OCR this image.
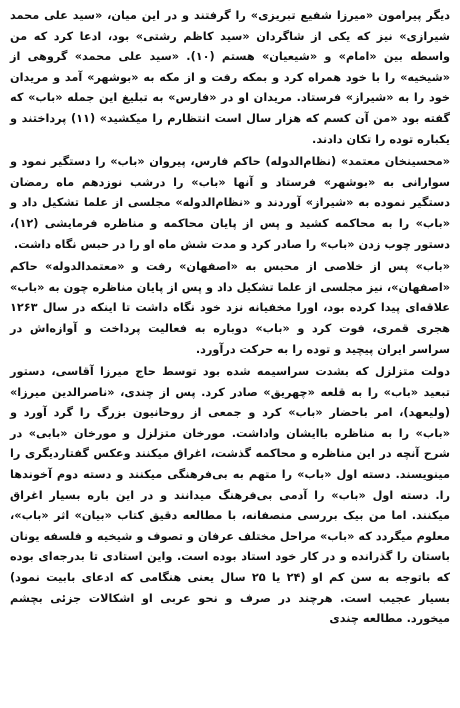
دیگر پیرامون «میرزا شفیع تبریزی» را گرفتند و در این میان، «سید علی محمد شیرازی» نیز که یکی از شاگردان «سید کاظم رشتی» بود، ادعا کرد که من واسطه بین «امام» و «شیعیان» هستم (۱۰). «سید علی محمد» گروهی از «شیخیه» را با خود همراه کرد و بمکه رفت و از مکه به «بوشهر» آمد و مریدان خود را به «شیراز» فرستاد. مریدان او در «فارس» به تبلیغ این جمله «باب» که گفته بود «من آن کسم که هزار سال است انتظارم را میکشید» (۱۱) پرداختند و یکباره توده را تکان دادند.

«محسینخان معتمد» (نظام‌الدوله) حاکم فارس، پیروان «باب» را دستگیر نمود و سوارانی به «بوشهر» فرستاد و آنها «باب» را درشب نوزدهم ماه رمضان دستگیر نموده به «شیراز» آوردند و «نظام‌الدوله» مجلسی از علما تشکیل داد و «باب» را به محاکمه کشید و پس از پایان محاکمه و مناظره فرمایشی (۱۲)، دستور چوب زدن «باب» را صادر کرد و مدت شش ماه او را در حبس نگاه داشت.

«باب» پس از خلاصی از محبس به «اصفهان» رفت و «معتمدالدوله» حاکم «اصفهان»، نیز مجلسی از علما تشکیل داد و پس از پایان مناظره چون به «باب» علاقه‌ای پیدا کرده بود، اورا مخفیانه نزد خود نگاه داشت تا اینکه در سال ۱۲۶۳ هجری قمری، فوت کرد و «باب» دوباره به فعالیت پرداخت و آوازه‌اش در سراسر ایران پیچید و توده را به حرکت درآورد.

دولت متزلزل که بشدت سراسیمه شده بود توسط حاج میرزا آقاسی، دستور تبعید «باب» را به قلعه «چهریق» صادر کرد. پس از چندی، «ناصرالدین میرزا» (ولیعهد)، امر باحضار «باب» کرد و جمعی از روحانیون بزرگ را گرد آورد و «باب» را به مناظره باایشان واداشت. مورخان متزلزل و مورخان «بابی» در شرح آنچه در این مناظره و محاکمه گذشت، اغراق میکنند وعکس گفتاردیگری را مینویسند. دسته اول «باب» را متهم به بی‌فرهنگی میکنند و دسته دوم آخوندها را. دسته اول «باب» را آدمی بی‌فرهنگ میدانند و در این باره بسیار اغراق میکنند. اما من بیک بررسی منصفانه، با مطالعه دقیق کتاب «بیان» اثر «باب»، معلوم میگردد که «باب» مراحل مختلف عرفان و تصوف و شیخیه و فلسفه یونان باستان را گذرانده و در کار خود استاد بوده است. واین استادی تا بدرجه‌ای بوده که باتوجه به سن کم او (۲۴ یا ۲۵ سال یعنی هنگامی که ادعای بابیت نمود) بسیار عجیب است. هرچند در صرف و نحو عربی او اشکالات جزئی بچشم میخورد. مطالعه چندی
